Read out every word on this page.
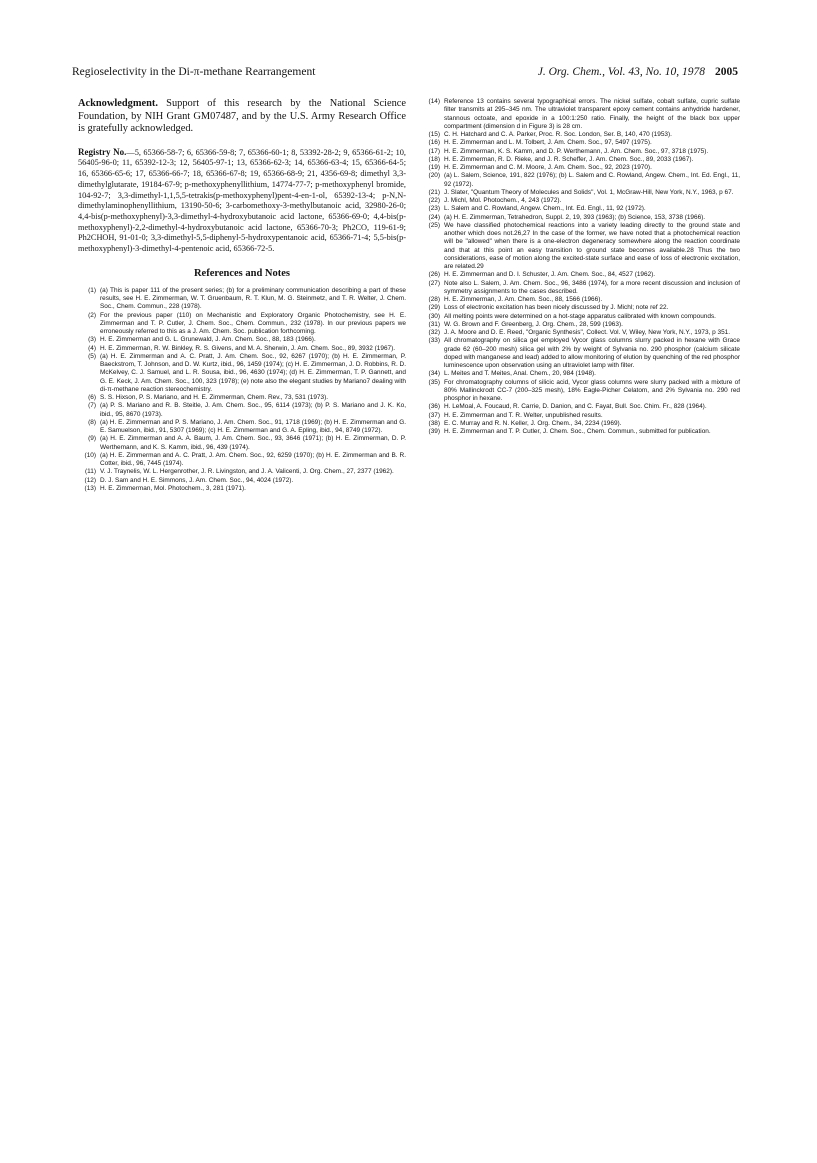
Regioselectivity in the Di-π-methane Rearrangement	J. Org. Chem., Vol. 43, No. 10, 1978 2005

Acknowledgment. Support of this research by the National Science Foundation, by NIH Grant GM07487, and by the U.S. Army Research Office is gratefully acknowledged.

Registry No.—5, 65366-58-7; 6, 65366-59-8; 7, 65366-60-1; 8, 53392-28-2; 9, 65366-61-2; 10, 56405-96-0; 11, 65392-12-3; 12, 56405-97-1; 13, 65366-62-3; 14, 65366-63-4; 15, 65366-64-5; 16, 65366-65-6; 17, 65366-66-7; 18, 65366-67-8; 19, 65366-68-9; 21, 4356-69-8; dimethyl 3,3-dimethylglutarate, 19184-67-9; p-methoxyphenyllithium, 14774-77-7; p-methoxyphenyl bromide, 104-92-7; 3,3-dimethyl-1,1,5,5-tetrakis(p-methoxyphenyl)pent-4-en-1-ol, 65392-13-4; p-N,N-dimethylaminophenyllithium, 13190-50-6; 3-carbomethoxy-3-methylbutanoic acid, 32980-26-0; 4,4-bis(p-methoxyphenyl)-3,3-dimethyl-4-hydroxybutanoic acid lactone, 65366-69-0; 4,4-bis(p-methoxyphenyl)-2,2-dimethyl-4-hydroxybutanoic acid lactone, 65366-70-3; Ph2CO, 119-61-9; Ph2CHOH, 91-01-0; 3,3-dimethyl-5,5-diphenyl-5-hydroxypentanoic acid, 65366-71-4; 5,5-bis(p-methoxyphenyl)-3-dimethyl-4-pentenoic acid, 65366-72-5.

References and Notes
(1) (a) This is paper 111 of the present series; (b) for a preliminary communication describing a part of these results, see H. E. Zimmerman, W. T. Gruenbaum, R. T. Klun, M. G. Steinmetz, and T. R. Welter, J. Chem. Soc., Chem. Commun., 228 (1978).
(2) For the previous paper (110) on Mechanistic and Exploratory Organic Photochemistry, see H. E. Zimmerman and T. P. Cutler, J. Chem. Soc., Chem. Commun., 232 (1978). In our previous papers we erroneously referred to this as a J. Am. Chem. Soc. publication forthcoming.
(3) H. E. Zimmerman and G. L. Grunewald, J. Am. Chem. Soc., 88, 183 (1966).
(4) H. E. Zimmerman, R. W. Binkley, R. S. Givens, and M. A. Sherwin, J. Am. Chem. Soc., 89, 3932 (1967).
(5) (a) H. E. Zimmerman and A. C. Pratt, J. Am. Chem. Soc., 92, 6267 (1970); (b) H. E. Zimmerman, P. Baeckstrom, T. Johnson, and D. W. Kurtz, ibid., 96, 1459 (1974); (c) H. E. Zimmerman, J. D. Robbins, R. D. McKelvey, C. J. Samuel, and L. R. Sousa, ibid., 96, 4630 (1974); (d) H. E. Zimmerman, T. P. Gannett, and G. E. Keck, J. Am. Chem. Soc., 100, 323 (1978); (e) note also the elegant studies by Mariano7 dealing with di-π-methane reaction stereochemistry.
(6) S. S. Hixson, P. S. Mariano, and H. E. Zimmerman, Chem. Rev., 73, 531 (1973).
(7) (a) P. S. Mariano and R. B. Steitle, J. Am. Chem. Soc., 95, 6114 (1973); (b) P. S. Mariano and J. K. Ko, ibid., 95, 8670 (1973).
(8) (a) H. E. Zimmerman and P. S. Mariano, J. Am. Chem. Soc., 91, 1718 (1969); (b) H. E. Zimmerman and G. E. Samuelson, ibid., 91, 5307 (1969); (c) H. E. Zimmerman and G. A. Epling, ibid., 94, 8749 (1972).
(9) (a) H. E. Zimmerman and A. A. Baum, J. Am. Chem. Soc., 93, 3646 (1971); (b) H. E. Zimmerman, D. P. Werthemann, and K. S. Kamm, ibid., 96, 439 (1974).
(10) (a) H. E. Zimmerman and A. C. Pratt, J. Am. Chem. Soc., 92, 6259 (1970); (b) H. E. Zimmerman and B. R. Cotter, ibid., 96, 7445 (1974).
(11) V. J. Traynelis, W. L. Hergenrother, J. R. Livingston, and J. A. Valicenti, J. Org. Chem., 27, 2377 (1962).
(12) D. J. Sam and H. E. Simmons, J. Am. Chem. Soc., 94, 4024 (1972).
(13) H. E. Zimmerman, Mol. Photochem., 3, 281 (1971).
(14) Reference 13 contains several typographical errors. The nickel sulfate, cobalt sulfate, cupric sulfate filter transmits at 295–345 nm. The ultraviolet transparent epoxy cement contains anhydride hardener, stannous octoate, and epoxide in a 100:1:250 ratio. Finally, the height of the black box upper compartment (dimension d in Figure 3) is 28 cm.
(15) C. H. Hatchard and C. A. Parker, Proc. R. Soc. London, Ser. B, 140, 470 (1953).
(16) H. E. Zimmerman and L. M. Tolbert, J. Am. Chem. Soc., 97, 5497 (1975).
(17) H. E. Zimmerman, K. S. Kamm, and D. P. Werthemann, J. Am. Chem. Soc., 97, 3718 (1975).
(18) H. E. Zimmerman, R. D. Rieke, and J. R. Scheffer, J. Am. Chem. Soc., 89, 2033 (1967).
(19) H. E. Zimmerman and C. M. Moore, J. Am. Chem. Soc., 92, 2023 (1970).
(20) (a) L. Salem, Science, 191, 822 (1976); (b) L. Salem and C. Rowland, Angew. Chem., Int. Ed. Engl., 11, 92 (1972).
(21) J. Slater, "Quantum Theory of Molecules and Solids", Vol. 1, McGraw-Hill, New York, N.Y., 1963, p 67.
(22) J. Michl, Mol. Photochem., 4, 243 (1972).
(23) L. Salem and C. Rowland, Angew. Chem., Int. Ed. Engl., 11, 92 (1972).
(24) (a) H. E. Zimmerman, Tetrahedron, Suppl. 2, 19, 393 (1963); (b) Science, 153, 3738 (1966).
(25) We have classified photochemical reactions into a variety leading directly to the ground state and another which does not.26,27 In the case of the former, we have noted that a photochemical reaction will be "allowed" when there is a one-electron degeneracy somewhere along the reaction coordinate and that at this point an easy transition to ground state becomes available.28 Thus the two considerations, ease of motion along the excited-state surface and ease of loss of electronic excitation, are related.29
(26) H. E. Zimmerman and D. I. Schuster, J. Am. Chem. Soc., 84, 4527 (1962).
(27) Note also L. Salem, J. Am. Chem. Soc., 96, 3486 (1974), for a more recent discussion and inclusion of symmetry assignments to the cases described.
(28) H. E. Zimmerman, J. Am. Chem. Soc., 88, 1566 (1966).
(29) Loss of electronic excitation has been nicely discussed by J. Michl; note ref 22.
(30) All melting points were determined on a hot-stage apparatus calibrated with known compounds.
(31) W. G. Brown and F. Greenberg, J. Org. Chem., 28, 599 (1963).
(32) J. A. Moore and D. E. Reed, "Organic Synthesis", Collect. Vol. V, Wiley, New York, N.Y., 1973, p 351.
(33) All chromatography on silica gel employed Vycor glass columns slurry packed in hexane with Grace grade 62 (60–200 mesh) silica gel with 2% by weight of Sylvania no. 290 phosphor (calcium silicate doped with manganese and lead) added to allow monitoring of elution by quenching of the red phosphor luminescence upon observation using an ultraviolet lamp with filter.
(34) L. Meites and T. Meites, Anal. Chem., 20, 984 (1948).
(35) For chromatography columns of silicic acid, Vycor glass columns were slurry packed with a mixture of 80% Mallinckrodt CC-7 (200–325 mesh), 18% Eagle-Picher Celatom, and 2% Sylvania no. 290 red phosphor in hexane.
(36) H. LeMoal, A. Foucaud, R. Carrie, D. Danion, and C. Fayat, Bull. Soc. Chim. Fr., 828 (1964).
(37) H. E. Zimmerman and T. R. Welter, unpublished results.
(38) E. C. Murray and R. N. Keller, J. Org. Chem., 34, 2234 (1969).
(39) H. E. Zimmerman and T. P. Cutler, J. Chem. Soc., Chem. Commun., submitted for publication.
